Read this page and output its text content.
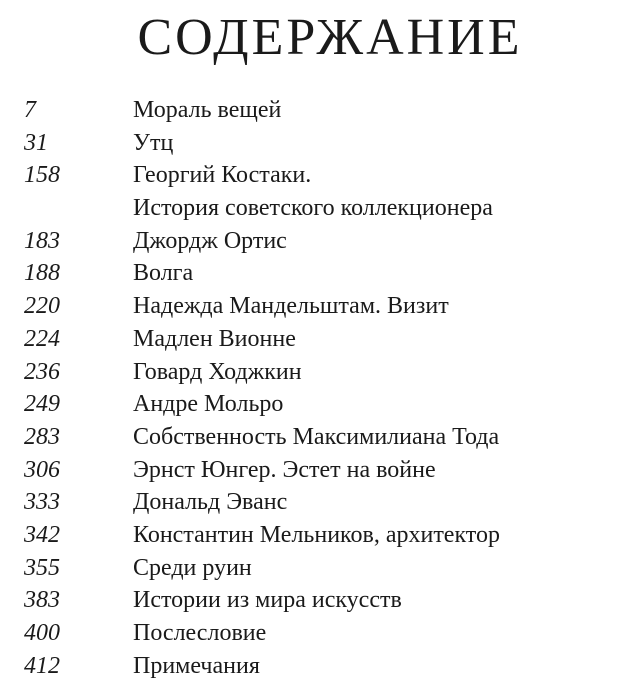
СОДЕРЖАНИЕ
7	Мораль вещей
31	Утц
158	Георгий Костаки.
История советского коллекционера
183	Джордж Ортис
188	Волга
220	Надежда Мандельштам. Визит
224	Мадлен Вионне
236	Говард Ходжкин
249	Андре Мольро
283	Собственность Максимилиана Тода
306	Эрнст Юнгер. Эстет на войне
333	Дональд Эванс
342	Константин Мельников, архитектор
355	Среди руин
383	Истории из мира искусств
400	Послесловие
412	Примечания
